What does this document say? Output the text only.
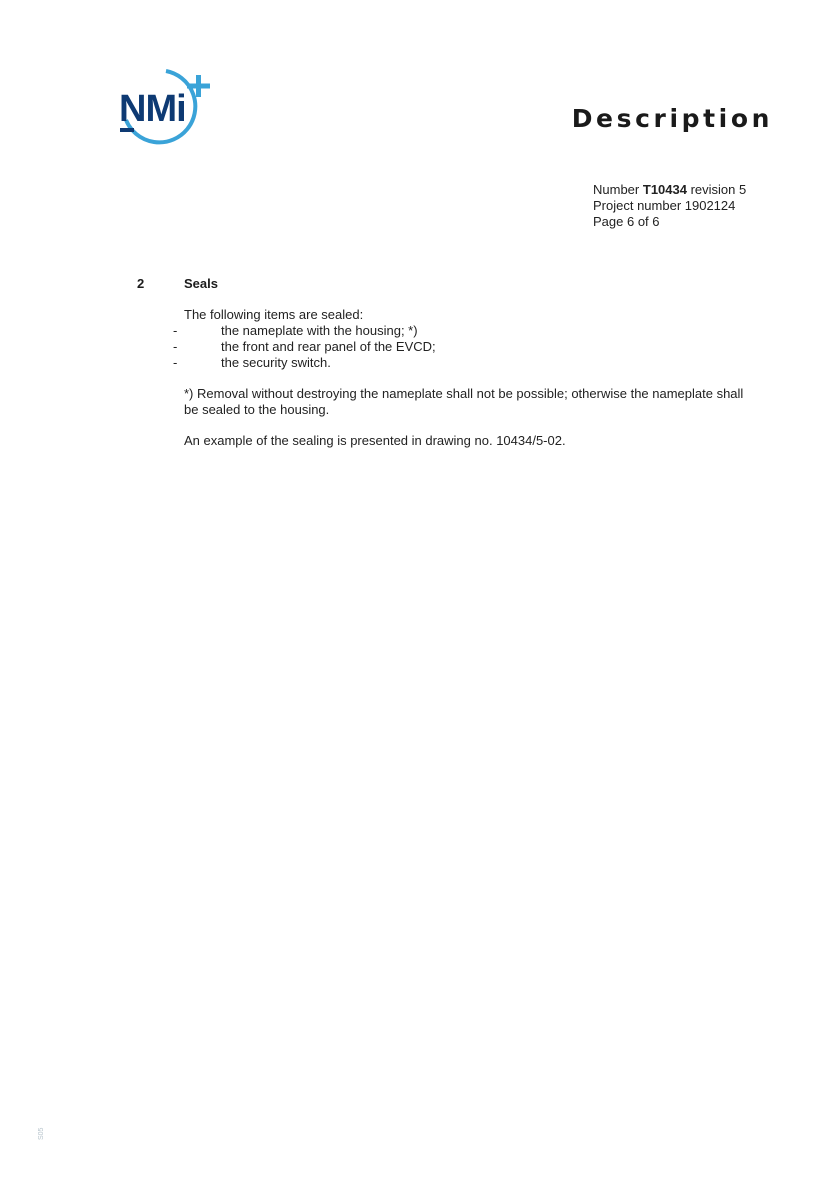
NMi	Description
Number T10434 revision 5
Project number 1902124
Page 6 of 6
2	Seals

The following items are sealed:

-	the nameplate with the housing; *)
-	the front and rear panel of the EVCD;
-	the security switch.

*) Removal without destroying the nameplate shall not be possible; otherwise the nameplate shall be sealed to the housing.

An example of the sealing is presented in drawing no. 10434/5-02.

S05
